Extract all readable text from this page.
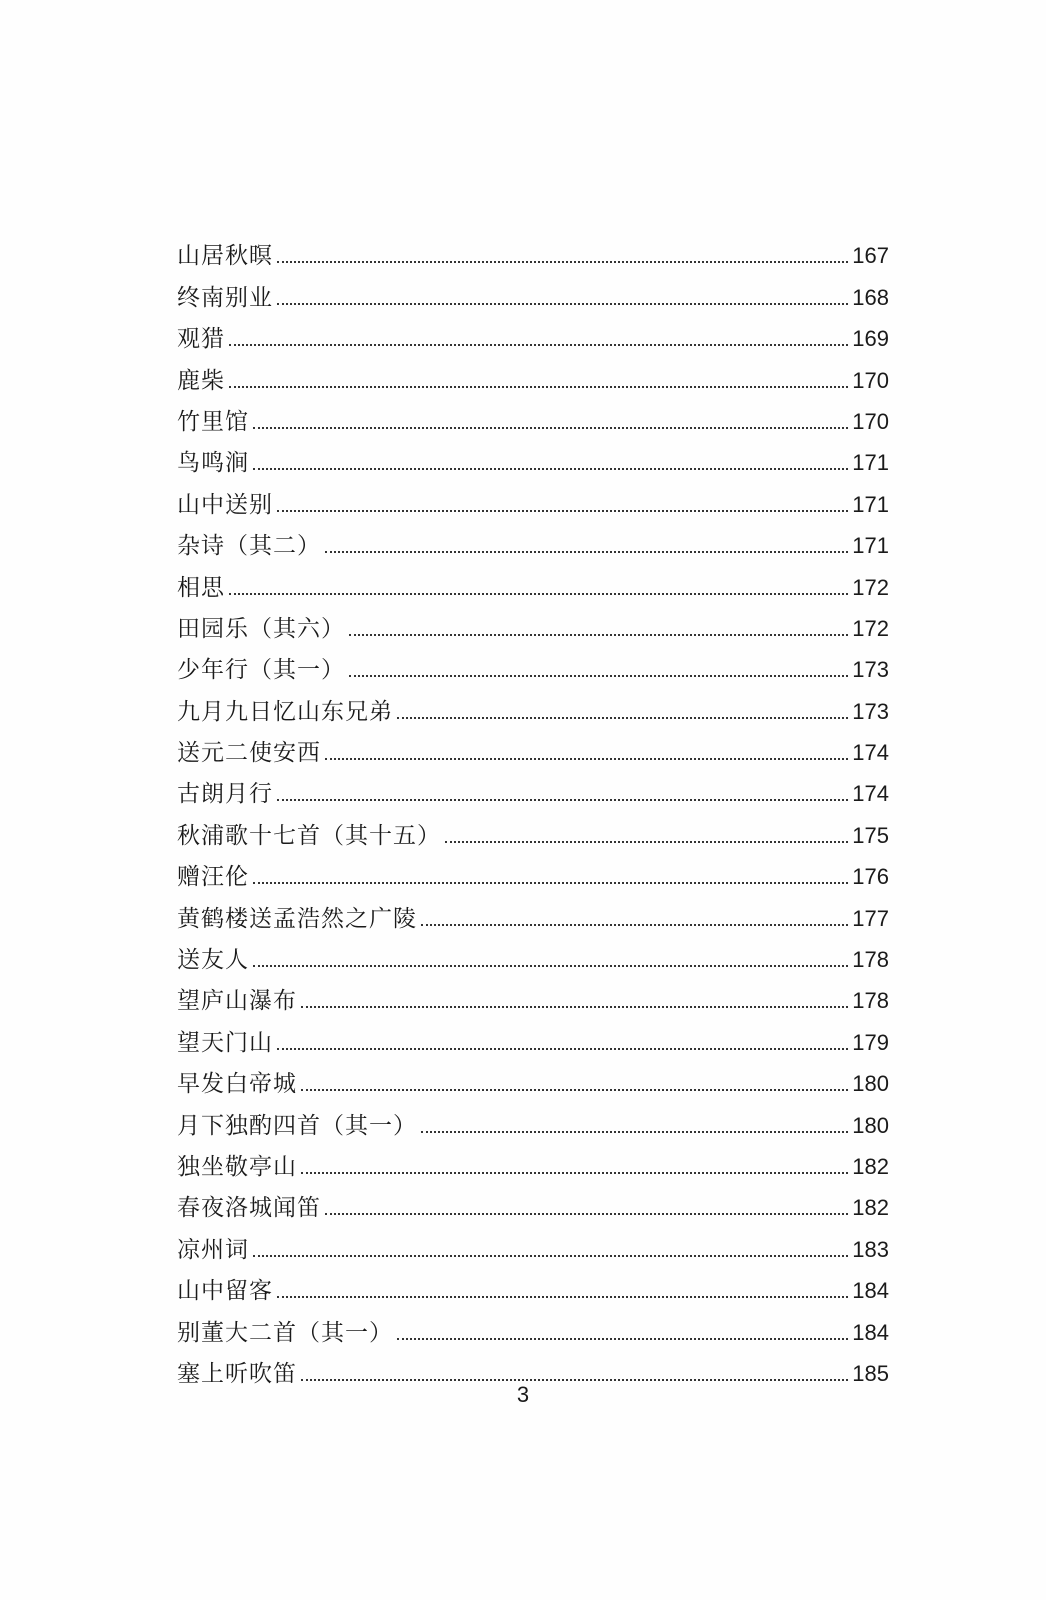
山居秋暝	167
终南别业	168
观猎	169
鹿柴	170
竹里馆	170
鸟鸣涧	171
山中送别	171
杂诗（其二）	171
相思	172
田园乐（其六）	172
少年行（其一）	173
九月九日忆山东兄弟	173
送元二使安西	174
古朗月行	174
秋浦歌十七首（其十五）	175
赠汪伦	176
黄鹤楼送孟浩然之广陵	177
送友人	178
望庐山瀑布	178
望天门山	179
早发白帝城	180
月下独酌四首（其一）	180
独坐敬亭山	182
春夜洛城闻笛	182
凉州词	183
山中留客	184
别董大二首（其一）	184
塞上听吹笛	185
3
